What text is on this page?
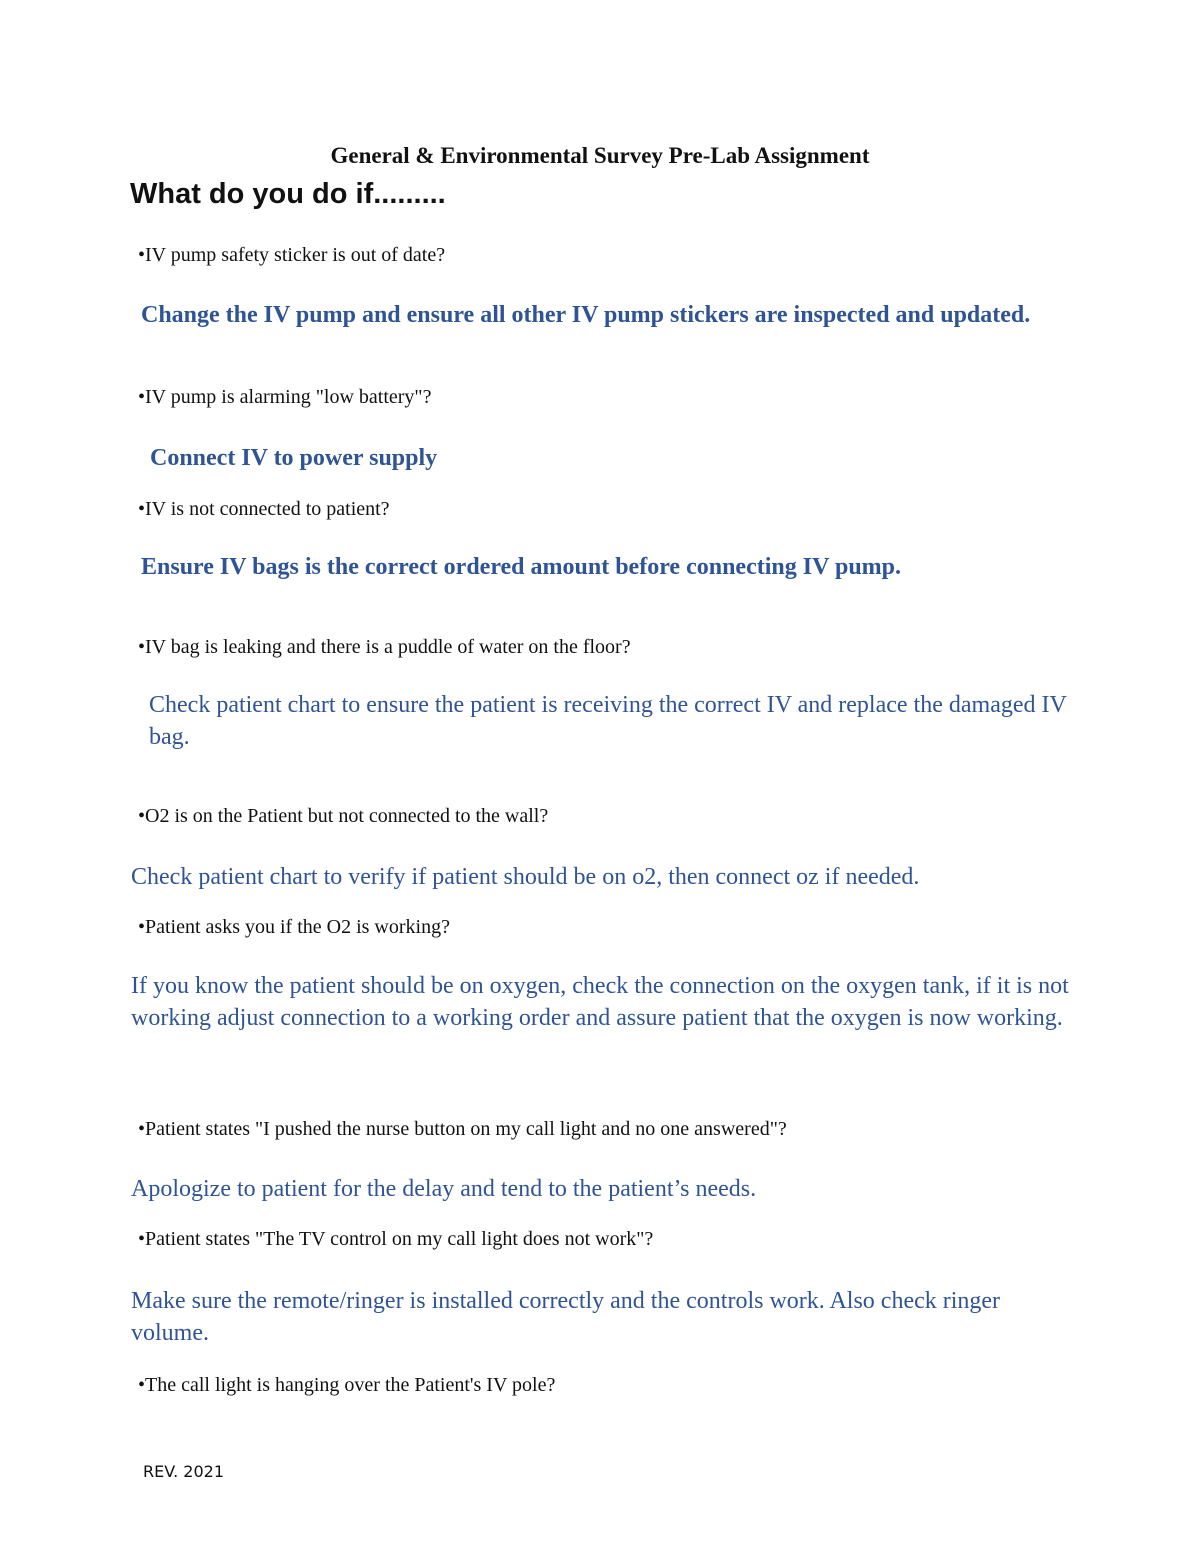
General & Environmental Survey Pre-Lab Assignment
What do you do if.........
•IV pump safety sticker is out of date?
Change the IV pump and ensure all other IV pump stickers are inspected and updated.
•IV pump is alarming "low battery"?
Connect IV to power supply
•IV is not connected to patient?
Ensure IV bags is the correct ordered amount before connecting IV pump.
•IV bag is leaking and there is a puddle of water on the floor?
Check patient chart to ensure the patient is receiving the correct IV and replace the damaged IV bag.
•O2 is on the Patient but not connected to the wall?
Check patient chart to verify if patient should be on o2, then connect oz if needed.
•Patient asks you if the O2 is working?
If you know the patient should be on oxygen, check the connection on the oxygen tank, if it is not working adjust connection to a working order and assure patient that the oxygen is now working.
•Patient states "I pushed the nurse button on my call light and no one answered"?
Apologize to patient for the delay and tend to the patient’s needs.
•Patient states "The TV control on my call light does not work"?
Make sure the remote/ringer is installed correctly and the controls work. Also check ringer volume.
•The call light is hanging over the Patient's IV pole?
REV. 2021
